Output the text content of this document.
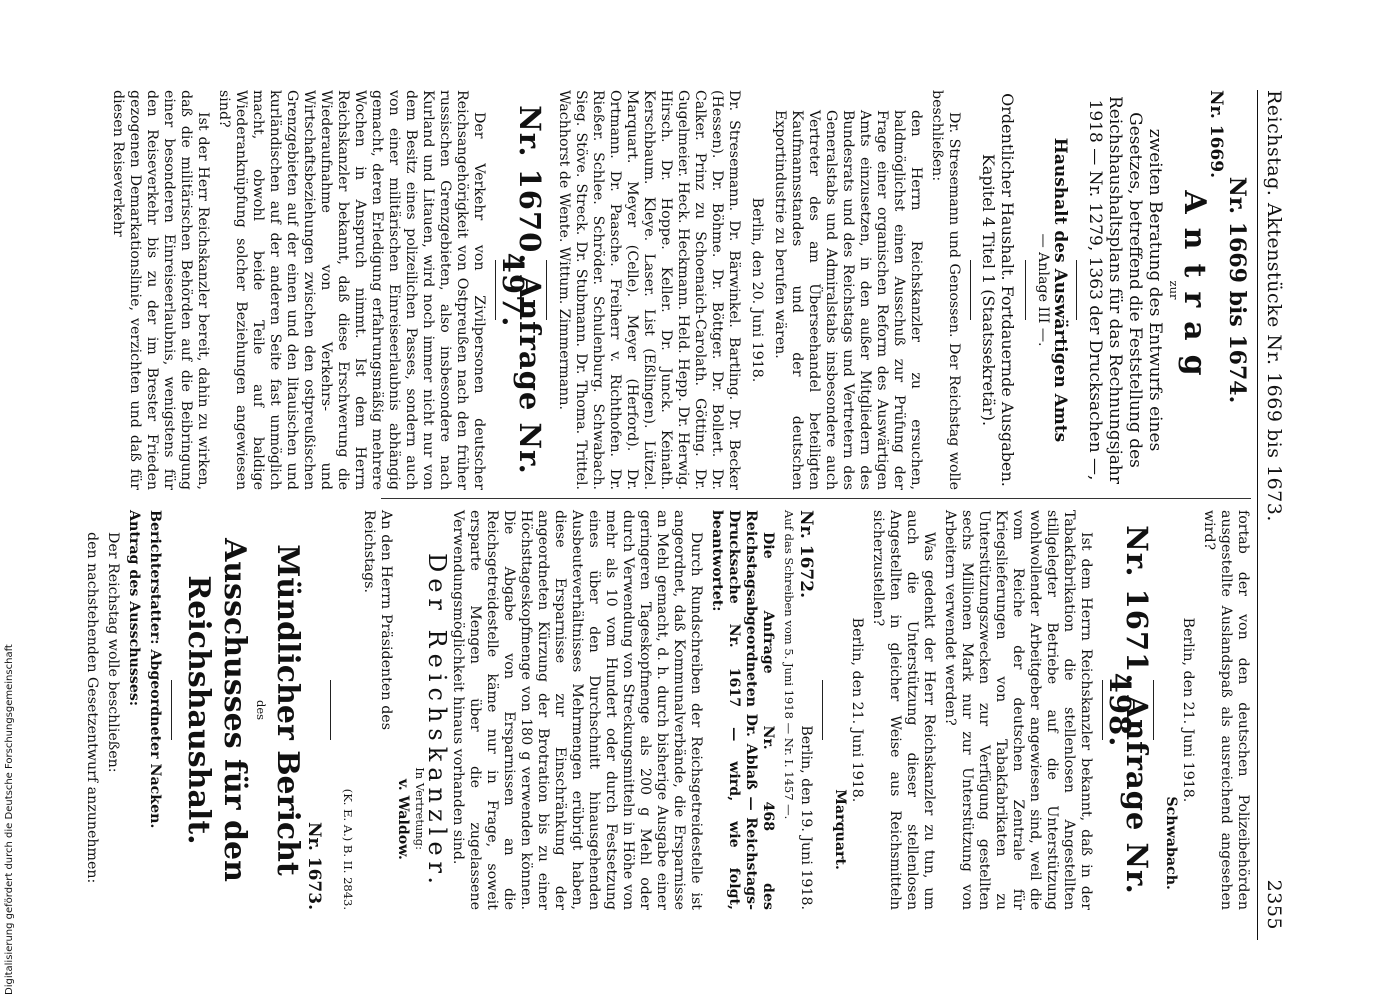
Reichstag. Aktenstücke Nr. 1669 bis 1673.
2355
Nr. 1669 bis 1674.
Nr. 1669.
Antrag
zur

zweiten Beratung des Entwurfs eines Gesetzes, betreffend die Feststellung des Reichshaushaltsplans für das Rechnungsjahr 1918 — Nr. 1279, 1363 der Drucksachen —,

Haushalt des Auswärtigen Amts
— Anlage III —.

Ordentlicher Haushalt. Fortdauernde Ausgaben. Kapitel 4 Titel 1 (Staatssekretär).

Dr. Stresemann und Genossen. Der Reichstag wolle beschließen:

den Herrn Reichskanzler zu ersuchen, baldmöglichst einen Ausschuß zur Prüfung der Frage einer organischen Reform des Auswärtigen Amts einzusetzen, in den außer Mitgliedern des Bundesrats und des Reichstags und Vertretern des Generalstabs und Admiralstabs insbesondere auch Vertreter des am Überseehandel beteiligten Kaufmannsstandes und der deutschen Exportindustrie zu berufen wären.

Berlin, den 20. Juni 1918.

Dr. Stresemann. Dr. Bärwinkel. Bartling. Dr. Becker (Hessen). Dr. Böhme. Dr. Böttger. Dr. Bollert. Dr. Calker. Prinz zu Schoenaich-Carolath. Götting. Dr. Gugelmeier. Heck. Heckmann. Held. Hepp. Dr. Herwig. Hirsch. Dr. Hoppe. Keller. Dr. Junck. Keinath. Kerschbaum. Kleye. Laser. List (Eßlingen). Lützel. Marquart. Meyer (Celle). Meyer (Herford). Dr. Ortmann. Dr. Paasche. Freiherr v. Richthofen. Dr. Rießer. Schlee. Schröder. Schulenburg. Schwabach. Sieg. Stöve. Streck. Dr. Stubmann. Dr. Thoma. Trittel. Wachhorst de Wente. Wittum. Zimmermann.

Nr. 1670. Anfrage Nr. 497.

Der Verkehr von Zivilpersonen deutscher Reichsangehörigkeit von Ostpreußen nach den früher russischen Grenzgebieten, also insbesondere nach Kurland und Litauen, wird noch immer nicht nur von dem Besitz eines polizeilichen Passes, sondern auch von einer militärischen Einreiseerlaubnis abhängig gemacht, deren Erledigung erfahrungsmäßig mehrere Wochen in Anspruch nimmt. Ist dem Herrn Reichskanzler bekannt, daß diese Erschwerung die Wiederaufnahme von Verkehrs- und Wirtschaftsbeziehungen zwischen den ostpreußischen Grenzgebieten auf der einen und den litauischen und kurländischen auf der anderen Seite fast unmöglich macht, obwohl beide Teile auf baldige Wiederanknüpfung solcher Beziehungen angewiesen sind?

Ist der Herr Reichskanzler bereit, dahin zu wirken, daß die militärischen Behörden auf die Beibringung einer besonderen Einreiseerlaubnis, wenigstens für den Reiseverkehr bis zu der im Brester Frieden gezogenen Demarkationslinie, verzichten und daß für diesen Reiseverkehr

fortab der von den deutschen Polizeibehörden ausgestellte Auslandspaß als ausreichend angesehen wird?

Berlin, den 21. Juni 1918.
Schwabach.
Nr. 1671. Anfrage Nr. 498.

Ist dem Herrn Reichskanzler bekannt, daß in der Tabakfabrikation die stellenlosen Angestellten stillgelegter Betriebe auf die Unterstützung wohlwollender Arbeitgeber angewiesen sind, weil die vom Reiche der deutschen Zentrale für Kriegslieferungen von Tabakfabrikaten zu Unterstützungszwecken zur Verfügung gestellten sechs Millionen Mark nur zur Unterstützung von Arbeitern verwendet werden?

Was gedenkt der Herr Reichskanzler zu tun, um auch die Unterstützung dieser stellenlosen Angestellten in gleicher Weise aus Reichsmitteln sicherzustellen?

Berlin, den 21. Juni 1918.
Marquart.
Nr. 1672.
Berlin, den 19. Juni 1918.

Auf das Schreiben vom 5. Juni 1918 — Nr. I. 1457 —.

Die Anfrage Nr. 468 des Reichstagsabgeordneten Dr. Ablaß — Reichstags-Drucksache Nr. 1617 — wird, wie folgt, beantwortet:

Durch Rundschreiben der Reichsgetreidestelle ist angeordnet, daß Kommunalverbände, die Ersparnisse an Mehl gemacht, d. h. durch bisherige Ausgabe einer geringeren Tageskopfmenge als 200 g Mehl oder durch Verwendung von Streckungsmitteln in Höhe von mehr als 10 vom Hundert oder durch Festsetzung eines über den Durchschnitt hinausgehenden Ausbeuteverhältnisses Mehrmengen erübrigt haben, diese Ersparnisse zur Einschränkung der angeordneten Kürzung der Brotration bis zu einer Höchsttageskopfmenge von 180 g verwenden können. Die Abgabe von Ersparnissen an die Reichsgetreidestelle käme nur in Frage, soweit ersparte Mengen über die zugelassene Verwendungsmöglichkeit hinaus vorhanden sind.

Der Reichskanzler.
In Vertretung:
v. Waldow.

An den Herrn Präsidenten des Reichstags.

(K. E. A.) B. II. 2843.
Nr. 1673.
Mündlicher Bericht
des
Ausschusses für den Reichshaushalt.

Berichterstatter: Abgeordneter Nacken.

Antrag des Ausschusses:

Der Reichstag wolle beschließen:

den nachstehenden Gesetzentwurf anzunehmen:

Digitalisierung gefördert durch die Deutsche Forschungsgemeinschaft
